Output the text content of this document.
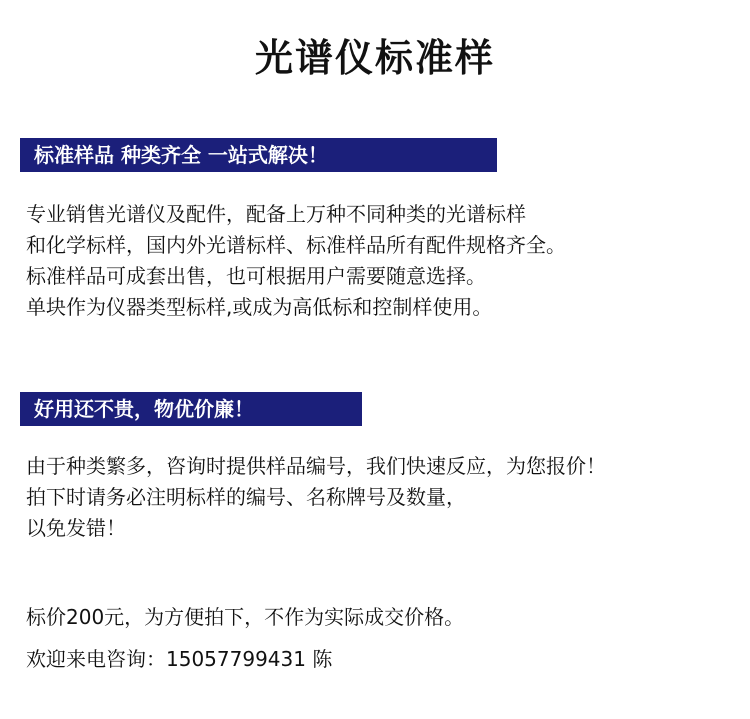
光谱仪标准样
标准样品 种类齐全 一站式解决！
专业销售光谱仪及配件，配备上万种不同种类的光谱标样
和化学标样，国内外光谱标样、标准样品所有配件规格齐全。
标准样品可成套出售，也可根据用户需要随意选择。
单块作为仪器类型标样,或成为高低标和控制样使用。
好用还不贵，物优价廉！
由于种类繁多，咨询时提供样品编号，我们快速反应，为您报价！
拍下时请务必注明标样的编号、名称牌号及数量，
以免发错！
标价200元，为方便拍下，不作为实际成交价格。
欢迎来电咨询：15057799431 陈
